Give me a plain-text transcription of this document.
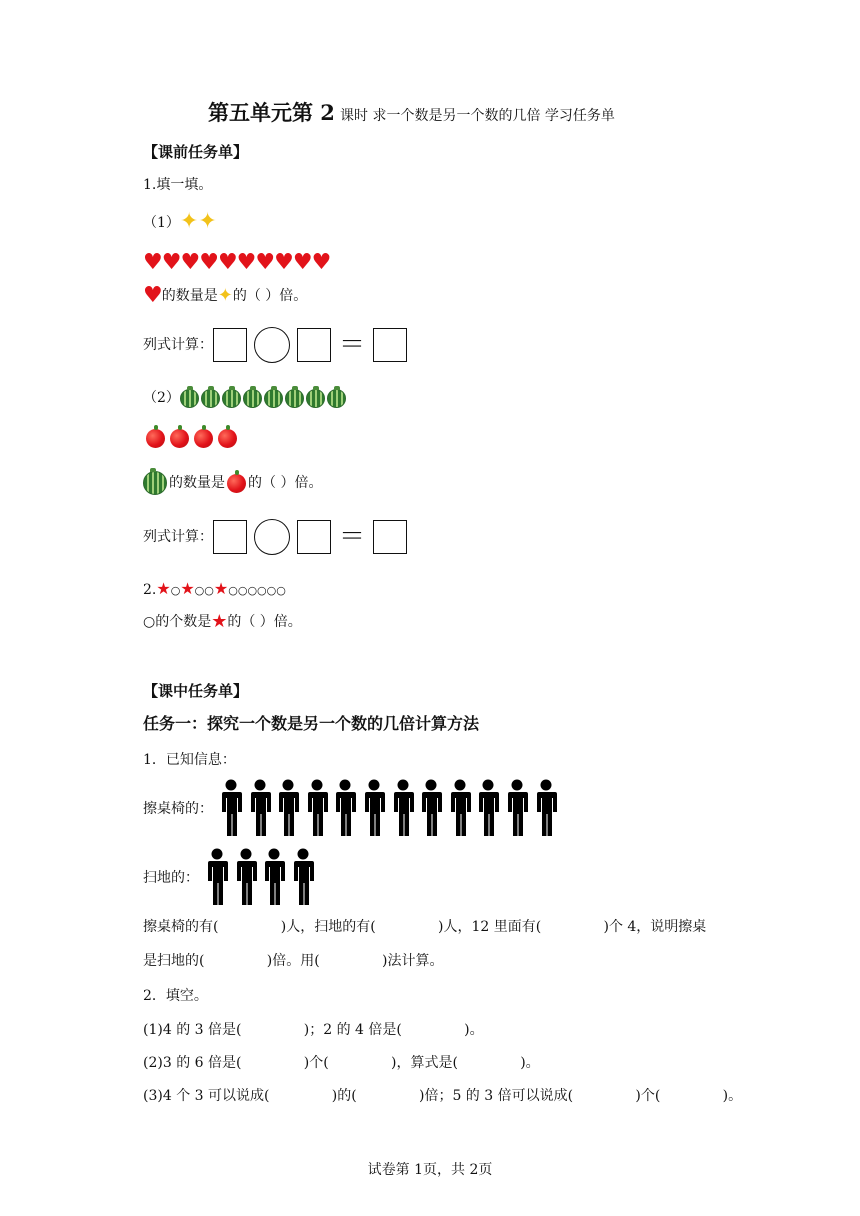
第五单元第 2 课时 求一个数是另一个数的几倍 学习任务单
【课前任务单】
1.填一填。
（1） ✦✦
♥ ♥ ♥ ♥ ♥ ♥ ♥ ♥ ♥ ♥
♥ 的数量是 ✦ 的（ ）倍。
列式计算：	＝
（2）
的数量是 的（ ）倍。
列式计算：	＝
2. ★○★○○★○○○○○○
○的个数是 ★ 的（ ）倍。
【课中任务单】
任务一：探究一个数是另一个数的几倍计算方法
1．已知信息：
擦桌椅的：
扫地的：
擦桌椅的有(              )人，扫地的有(              )人，12 里面有(              )个 4，说明擦桌
是扫地的(              )倍。用(              )法计算。
2．填空。
(1)4 的 3 倍是(              )；2 的 4 倍是(              )。
(2)3 的 6 倍是(              )个(              )，算式是(              )。
(3)4 个 3 可以说成(              )的(              )倍；5 的 3 倍可以说成(              )个(              )。
试卷第 1页，共 2页
